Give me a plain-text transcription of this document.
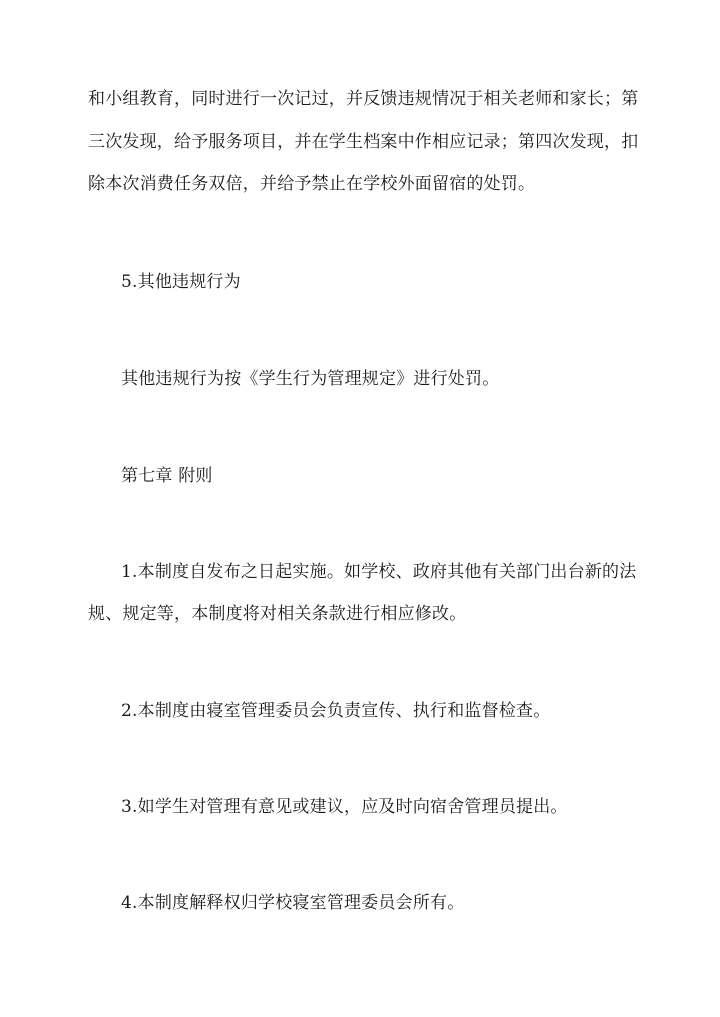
和小组教育，同时进行一次记过，并反馈违规情况于相关老师和家长；第
三次发现，给予服务项目，并在学生档案中作相应记录；第四次发现，扣
除本次消费任务双倍，并给予禁止在学校外面留宿的处罚。
5.其他违规行为
其他违规行为按《学生行为管理规定》进行处罚。
第七章 附则
1.本制度自发布之日起实施。如学校、政府其他有关部门出台新的法
规、规定等，本制度将对相关条款进行相应修改。
2.本制度由寝室管理委员会负责宣传、执行和监督检查。
3.如学生对管理有意见或建议，应及时向宿舍管理员提出。
4.本制度解释权归学校寝室管理委员会所有。
